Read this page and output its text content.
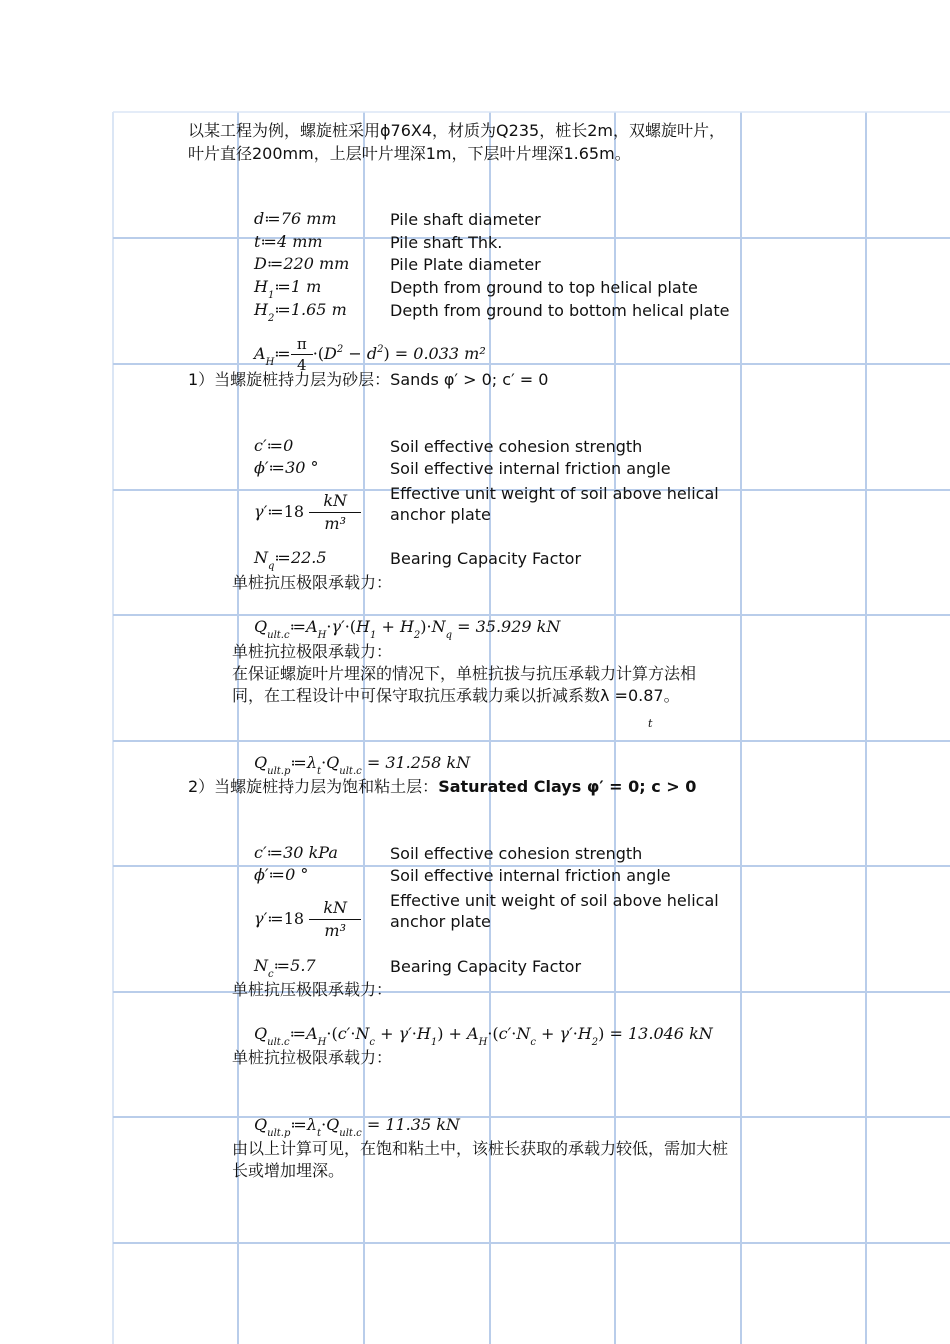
以某工程为例，螺旋桩采用ϕ76X4，材质为Q235，桩长2m，双螺旋叶片，
叶片直径200mm，上层叶片埋深1m，下层叶片埋深1.65m。
d≔76 mm	Pile shaft diameter
t≔4 mm	Pile shaft Thk.
D≔220 mm	Pile Plate diameter
$H_1≔1$ m	Depth from ground to top helical plate
$H_2≔1.65$ m	Depth from ground to bottom helical plate
$A_H≔ \frac{\pi}{4} \cdot(D^2 - d^2) = 0.033$ m²
1）当螺旋桩持力层为砂层：Sands φ′ > 0; c′ = 0
c′≔0	Soil effective cohesion strength
ϕ′≔30 °	Soil effective internal friction angle
γ′≔18 $\frac{kN}{\text{m³}}$ Effective unit weight of soil above helical
anchor plate
$N_q≔22.5$	Bearing Capacity Factor
单桩抗压极限承载力：
$Q_{ult.c}≔A_H\cdot\gamma'\cdot(H_1 + H_2)\cdot N_q = 35.929$ kN
单桩抗拉极限承载力：
在保证螺旋叶片埋深的情况下，单桩抗拔与抗压承载力计算方法相
同，在工程设计中可保守取抗压承载力乘以折减系数λ =0.87。
t
$Q_{ult.p}≔\lambda_t\cdot Q_{ult.c} = 31.258$ kN
2）当螺旋桩持力层为饱和粘土层：Saturated Clays φ′ = 0; c > 0
c′≔30 kPa	Soil effective cohesion strength
ϕ′≔0 °	Soil effective internal friction angle
γ′≔18 $\frac{kN}{\text{m³}}$ Effective unit weight of soil above helical
anchor plate
$N_c≔5.7$	Bearing Capacity Factor
单桩抗压极限承载力：
$Q_{ult.c}≔A_H\cdot(c'\cdot N_c + \gamma'\cdot H_1) + A_H\cdot(c'\cdot N_c + \gamma'\cdot H_2) = 13.046$ kN
单桩抗拉极限承载力：
$Q_{ult.p}≔\lambda_t\cdot Q_{ult.c} = 11.35$ kN
由以上计算可见，在饱和粘土中，该桩长获取的承载力较低，需加大桩
长或增加埋深。
